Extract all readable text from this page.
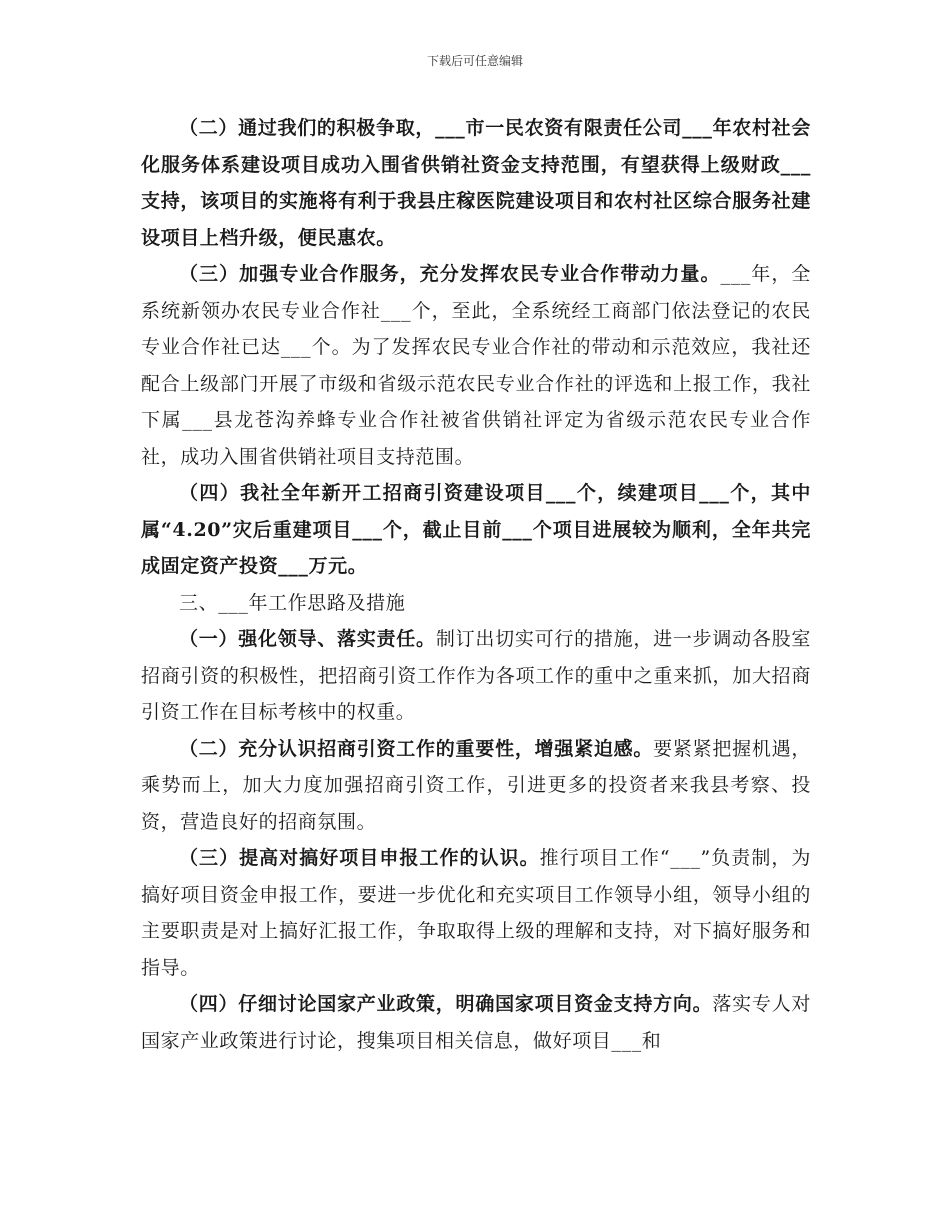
下载后可任意编辑

（二）通过我们的积极争取，___市一民农资有限责任公司___年农村社会化服务体系建设项目成功入围省供销社资金支持范围，有望获得上级财政___支持，该项目的实施将有利于我县庄稼医院建设项目和农村社区综合服务社建设项目上档升级，便民惠农。

（三）加强专业合作服务，充分发挥农民专业合作带动力量。___年，全系统新领办农民专业合作社___个，至此，全系统经工商部门依法登记的农民专业合作社已达___个。为了发挥农民专业合作社的带动和示范效应，我社还配合上级部门开展了市级和省级示范农民专业合作社的评选和上报工作，我社下属___县龙苍沟养蜂专业合作社被省供销社评定为省级示范农民专业合作社，成功入围省供销社项目支持范围。

（四）我社全年新开工招商引资建设项目___个，续建项目___个，其中属“4.20”灾后重建项目___个，截止目前___个项目进展较为顺利，全年共完成固定资产投资___万元。

三、___年工作思路及措施

（一）强化领导、落实责任。制订出切实可行的措施，进一步调动各股室招商引资的积极性，把招商引资工作作为各项工作的重中之重来抓，加大招商引资工作在目标考核中的权重。

（二）充分认识招商引资工作的重要性，增强紧迫感。要紧紧把握机遇，乘势而上，加大力度加强招商引资工作，引进更多的投资者来我县考察、投资，营造良好的招商氛围。

（三）提高对搞好项目申报工作的认识。推行项目工作“___”负责制，为搞好项目资金申报工作，要进一步优化和充实项目工作领导小组，领导小组的主要职责是对上搞好汇报工作，争取取得上级的理解和支持，对下搞好服务和指导。

（四）仔细讨论国家产业政策，明确国家项目资金支持方向。落实专人对国家产业政策进行讨论，搜集项目相关信息，做好项目___和
